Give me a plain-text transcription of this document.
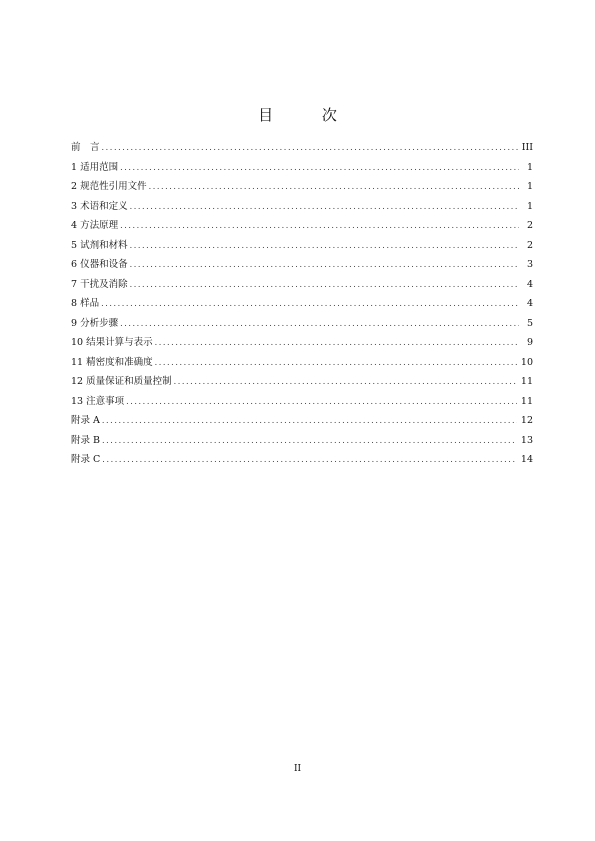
目 次
前　言 .....	III
1 适用范围 .....	1
2 规范性引用文件 .....	1
3 术语和定义 .....	1
4 方法原理 .....	2
5 试剂和材料 .....	2
6 仪器和设备 .....	3
7 干扰及消除 .....	4
8 样品 .....	4
9 分析步骤 .....	5
10 结果计算与表示 .....	9
11 精密度和准确度 .....	10
12 质量保证和质量控制 .....	11
13 注意事项 .....	11
附录 A .....	12
附录 B .....	13
附录 C .....	14
II
